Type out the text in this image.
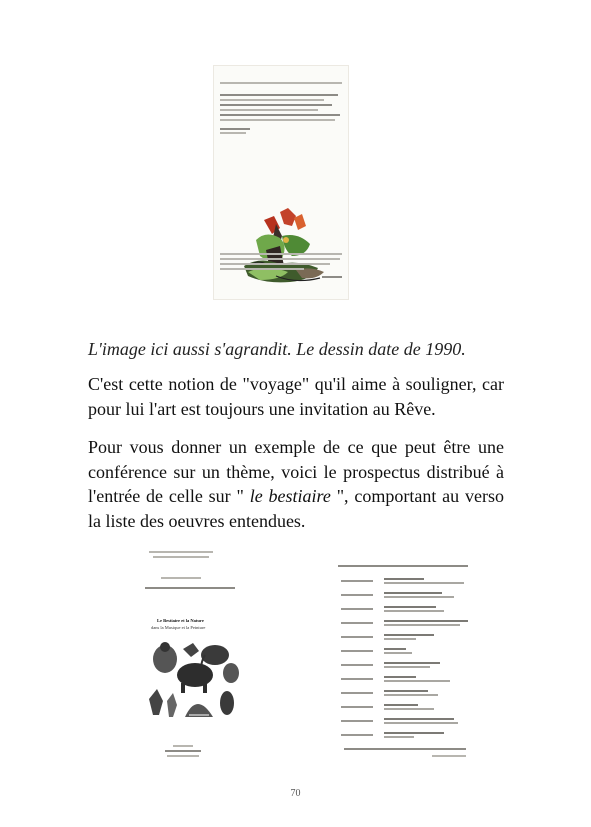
L'image ici aussi s'agrandit. Le dessin date de 1990.

C'est cette notion de "voyage" qu'il aime à souligner, car pour lui l'art est toujours une invitation au Rêve.

Pour vous donner un exemple de ce que peut être une conférence sur un thème, voici le prospectus distribué à l'entrée de celle sur " le bestiaire ", comportant au verso la liste des oeuvres entendues.

Le Bestiaire et la Nature
dans la Musique et la Peinture
70
